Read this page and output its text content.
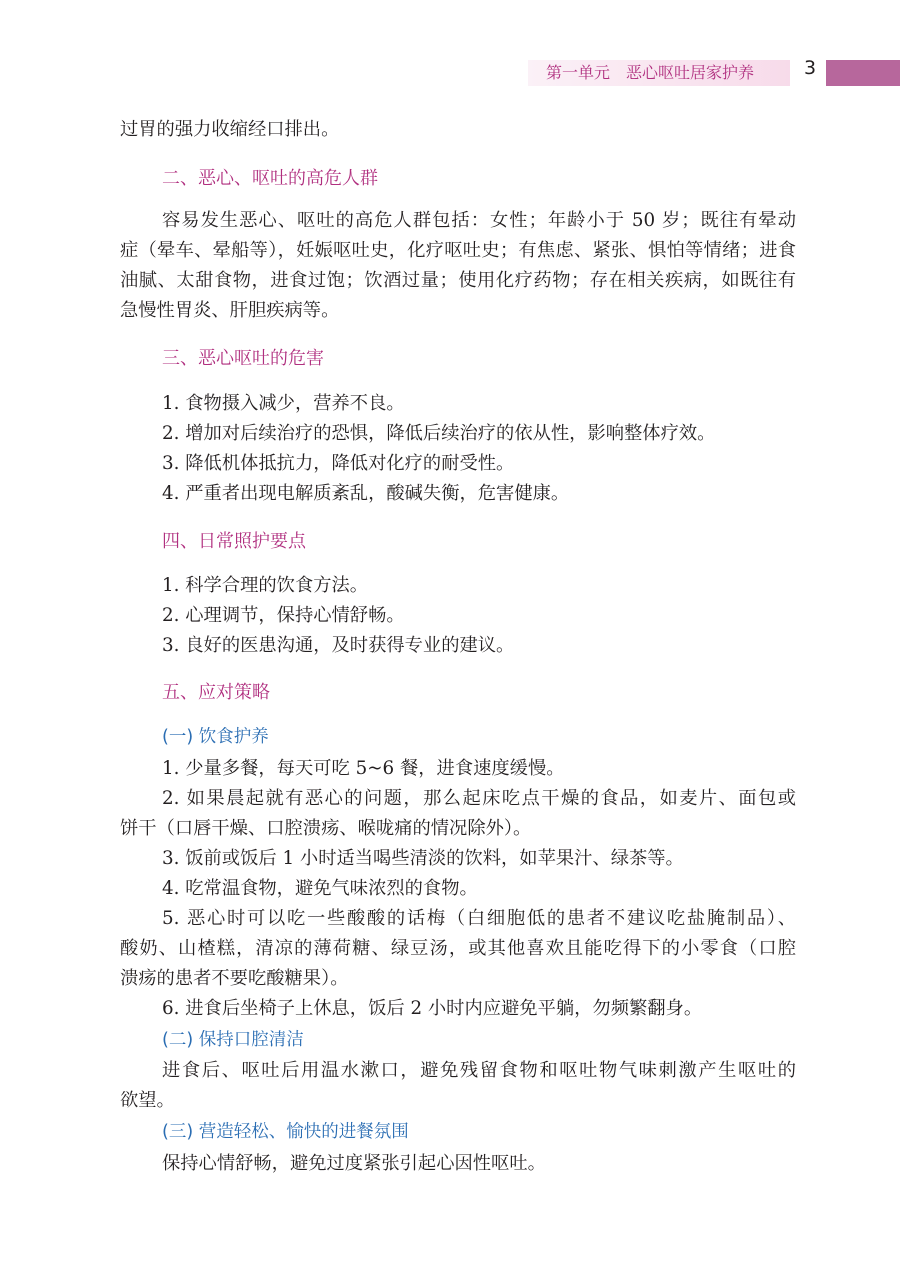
第一单元　恶心呕吐居家护养	3
过胃的强力收缩经口排出。
二、恶心、呕吐的高危人群
容易发生恶心、呕吐的高危人群包括：女性；年龄小于 50 岁；既往有晕动
症（晕车、晕船等），妊娠呕吐史，化疗呕吐史；有焦虑、紧张、惧怕等情绪；进食
油腻、太甜食物，进食过饱；饮酒过量；使用化疗药物；存在相关疾病，如既往有
急慢性胃炎、肝胆疾病等。
三、恶心呕吐的危害
1. 食物摄入减少，营养不良。
2. 增加对后续治疗的恐惧，降低后续治疗的依从性，影响整体疗效。
3. 降低机体抵抗力，降低对化疗的耐受性。
4. 严重者出现电解质紊乱，酸碱失衡，危害健康。
四、日常照护要点
1. 科学合理的饮食方法。
2. 心理调节，保持心情舒畅。
3. 良好的医患沟通，及时获得专业的建议。
五、应对策略
(一) 饮食护养
1. 少量多餐，每天可吃 5~6 餐，进食速度缓慢。
2. 如果晨起就有恶心的问题，那么起床吃点干燥的食品，如麦片、面包或
饼干（口唇干燥、口腔溃疡、喉咙痛的情况除外）。
3. 饭前或饭后 1 小时适当喝些清淡的饮料，如苹果汁、绿茶等。
4. 吃常温食物，避免气味浓烈的食物。
5. 恶心时可以吃一些酸酸的话梅（白细胞低的患者不建议吃盐腌制品）、
酸奶、山楂糕，清凉的薄荷糖、绿豆汤，或其他喜欢且能吃得下的小零食（口腔
溃疡的患者不要吃酸糖果）。
6. 进食后坐椅子上休息，饭后 2 小时内应避免平躺，勿频繁翻身。
(二) 保持口腔清洁
进食后、呕吐后用温水漱口，避免残留食物和呕吐物气味刺激产生呕吐的
欲望。
(三) 营造轻松、愉快的进餐氛围
保持心情舒畅，避免过度紧张引起心因性呕吐。
